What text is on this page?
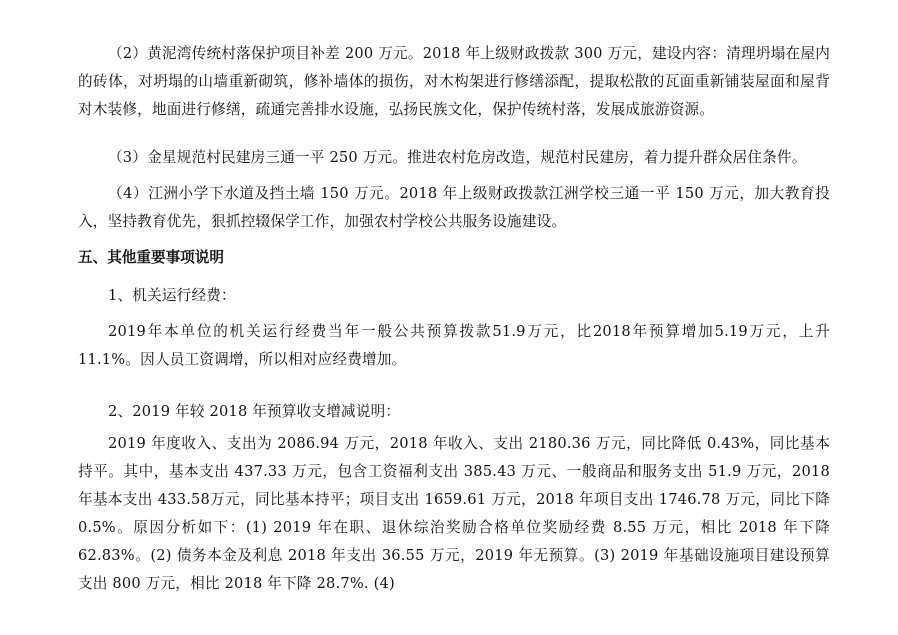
（2）黄泥湾传统村落保护项目补差 200 万元。2018 年上级财政拨款 300 万元，建设内容：清理坍塌在屋内的砖体，对坍塌的山墙重新砌筑，修补墙体的损伤，对木构架进行修缮添配，提取松散的瓦面重新铺装屋面和屋背对木装修，地面进行修缮，疏通完善排水设施，弘扬民族文化，保护传统村落，发展成旅游资源。

（3）金星规范村民建房三通一平 250 万元。推进农村危房改造，规范村民建房，着力提升群众居住条件。

（4）江洲小学下水道及挡土墙 150 万元。2018 年上级财政拨款江洲学校三通一平 150 万元，加大教育投入，坚持教育优先，狠抓控辍保学工作，加强农村学校公共服务设施建设。

五、其他重要事项说明

1、机关运行经费：

2019年本单位的机关运行经费当年一般公共预算拨款51.9万元，比2018年预算增加5.19万元，上升11.1%。因人员工资调增，所以相对应经费增加。

2、2019 年较 2018 年预算收支增减说明：

2019 年度收入、支出为 2086.94 万元，2018 年收入、支出 2180.36 万元，同比降低 0.43%，同比基本持平。其中，基本支出 437.33 万元，包含工资福利支出 385.43 万元、一般商品和服务支出 51.9 万元，2018 年基本支出 433.58万元，同比基本持平；项目支出 1659.61 万元，2018 年项目支出 1746.78 万元，同比下降 0.5%。原因分析如下：(1) 2019 年在职、退休综治奖励合格单位奖励经费 8.55 万元，相比 2018 年下降 62.83%。(2) 债务本金及利息 2018 年支出 36.55 万元，2019 年无预算。(3) 2019 年基础设施项目建设预算支出 800 万元，相比 2018 年下降 28.7%. (4)
